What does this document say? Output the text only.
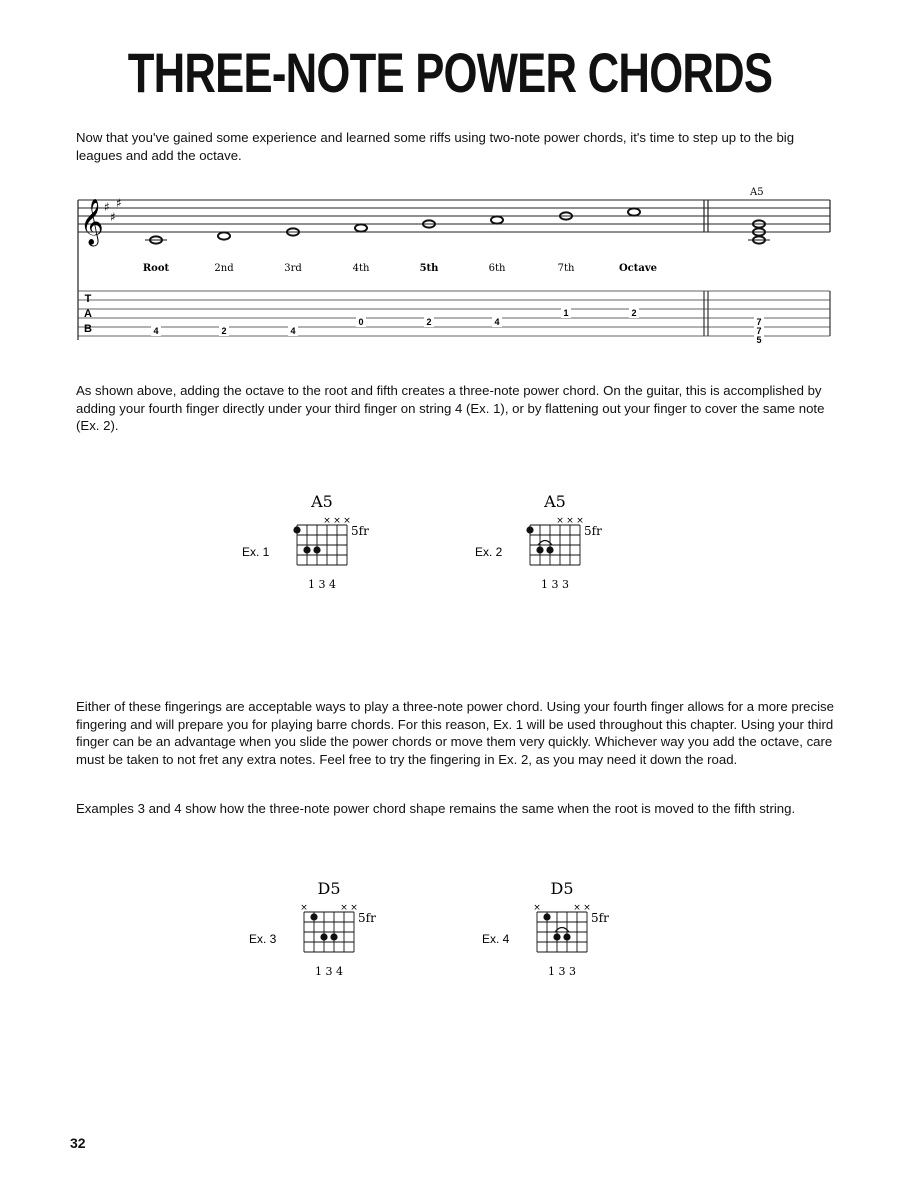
THREE-NOTE POWER CHORDS

Now that you've gained some experience and learned some riffs using two-note power chords, it's time to step up to the big leagues and add the octave.

𝄞 ♯
♯
♯
A5
Root	2nd	3rd	4th	5th	6th	7th	Octave
T
A
B	4	2	4
0	2	4
1	2
7
7
5
A5
Ex. 1
5fr
1 3 4
× × ×
A5
Ex. 2
5fr
1 3 3
× × ×
D5
Ex. 3
5fr
1 3 4
×	× ×
D5
Ex. 4
5fr
1 3 3
×	× ×

As shown above, adding the octave to the root and fifth creates a three-note power chord. On the guitar, this is accomplished by adding your fourth finger directly under your third finger on string 4 (Ex. 1), or by flattening out your finger to cover the same note (Ex. 2).

Either of these fingerings are acceptable ways to play a three-note power chord. Using your fourth finger allows for a more precise fingering and will prepare you for playing barre chords. For this reason, Ex. 1 will be used throughout this chapter. Using your third finger can be an advantage when you slide the power chords or move them very quickly. Whichever way you add the octave, care must be taken to not fret any extra notes. Feel free to try the fingering in Ex. 2, as you may need it down the road.

Examples 3 and 4 show how the three-note power chord shape remains the same when the root is moved to the fifth string.

32
